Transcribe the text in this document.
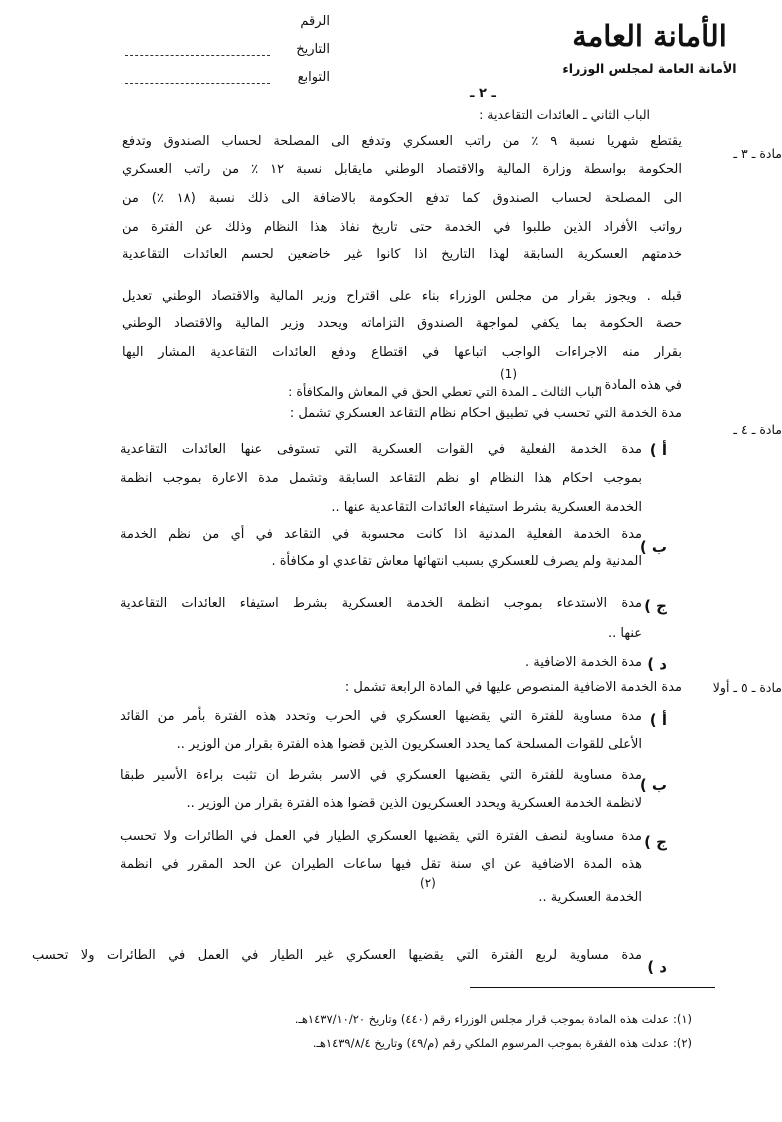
الأمانة العامة
الأمانة العامة لمجلس الوزراء
الرقم
التاريخ
التوابع
ـ ٢ ـ
الباب الثاني ـ العائدات التقاعدية :
مادة ـ ٣ ـ
يقتطع شهريا نسبة ٩ ٪ من راتب العسكري وتدفع الى المصلحة لحساب الصندوق وتدفع
الحكومة بواسطة وزارة المالية والاقتصاد الوطني مايقابل نسبة ١٢ ٪ من راتب العسكري
الى المصلحة لحساب الصندوق كما تدفع الحكومة بالاضافة الى ذلك نسبة (١٨ ٪) من
رواتب الأفراد الذين طلبوا في الخدمة حتى تاريخ نفاذ هذا النظام وذلك عن الفترة من
خدمتهم العسكرية السابقة لهذا التاريخ اذا كانوا غير خاضعين لحسم العائدات التقاعدية
قبله . ويجوز بقرار من مجلس الوزراء بناء على اقتراح وزير المالية والاقتصاد الوطني تعديل
حصة الحكومة بما يكفي لمواجهة الصندوق التزاماته ويحدد وزير المالية والاقتصاد الوطني
بقرار منه الاجراءات الواجب اتباعها في اقتطاع ودفع العائدات التقاعدية المشار اليها
في هذه المادة .
(1)
الباب الثالث ـ المدة التي تعطي الحق في المعاش والمكافأة :
مادة ـ ٤ ـ
مدة الخدمة التي تحسب في تطبيق احكام نظام التقاعد العسكري تشمل :
أ )
مدة الخدمة الفعلية في القوات العسكرية التي تستوفى عنها العائدات التقاعدية
بموجب احكام هذا النظام او نظم التقاعد السابقة وتشمل مدة الاعارة بموجب انظمة
الخدمة العسكرية بشرط استيفاء العائدات التقاعدية عنها ..
ب )
مدة الخدمة الفعلية المدنية اذا كانت محسوبة في التقاعد في أي من نظم الخدمة
المدنية ولم يصرف للعسكري بسبب انتهائها معاش تقاعدي او مكافأة .
ج )
مدة الاستدعاء بموجب انظمة الخدمة العسكرية بشرط استيفاء العائدات التقاعدية
عنها ..
د )
مدة الخدمة الاضافية .
مادة ـ ٥ ـ أولا
مدة الخدمة الاضافية المنصوص عليها في المادة الرابعة تشمل :
أ )
مدة مساوية للفترة التي يقضيها العسكري في الحرب وتحدد هذه الفترة بأمر من القائد
الأعلى للقوات المسلحة كما يحدد العسكريون الذين قضوا هذه الفترة بقرار من الوزير ..
ب )
مدة مساوية للفترة التي يقضيها العسكري في الاسر بشرط ان تثبت براءة الأسير طبقا
لانظمة الخدمة العسكرية ويحدد العسكريون الذين قضوا هذه الفترة بقرار من الوزير ..
ج )
مدة مساوية لنصف الفترة التي يقضيها العسكري الطيار في العمل في الطائرات ولا تحسب
هذه المدة الاضافية عن اي سنة تقل فيها ساعات الطيران عن الحد المقرر في انظمة
الخدمة العسكرية ..
(٢)
د )
مدة مساوية لربع الفترة التي يقضيها العسكري غير الطيار في العمل في الطائرات ولا تحسب
(١): عدلت هذه المادة بموجب قرار مجلس الوزراء رقم (٤٤٠) وتاريخ ١٤٣٧/١٠/٢٠هـ.
(٢): عدلت هذه الفقرة بموجب المرسوم الملكي رقم (م/٤٩) وتاريخ ١٤٣٩/٨/٤هـ.
